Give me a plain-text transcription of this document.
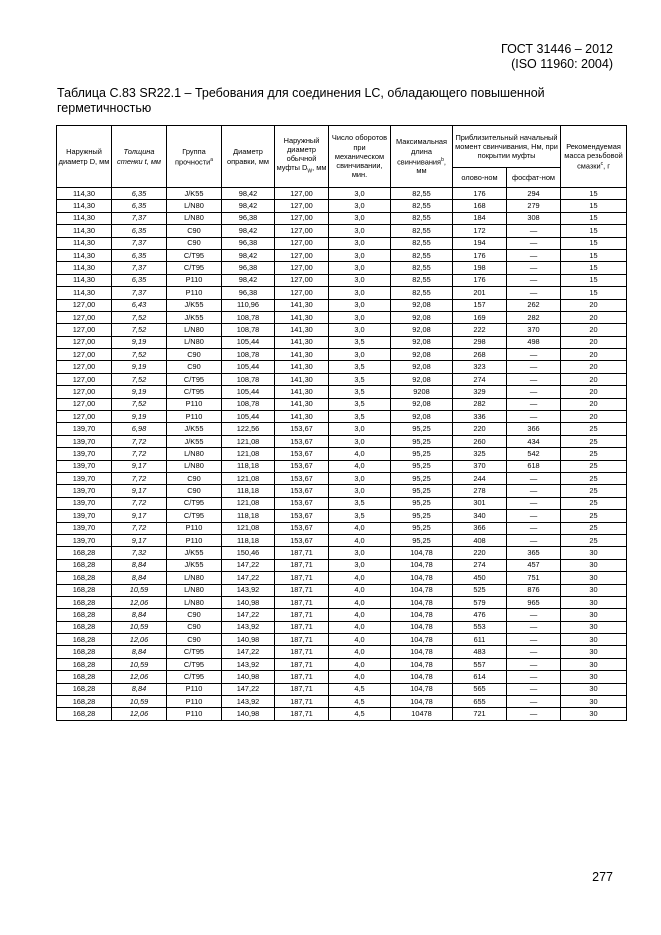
ГОСТ 31446 – 2012
(ISO 11960: 2004)
Таблица С.83 SR22.1 – Требования для соединения LC, обладающего повышенной герметичностью
Наружный диаметр D, мм	Толщина стенки t, мм	Группа прочности$^a$	Диаметр оправки, мм	Наружный диаметр обычной муфты $D_W$, мм	Число оборотов при механическом свинчивании, мин.	Максимальная длина свинчивания$^b$, мм	Приблизительный начальный момент свинчивания, Нм, при покрытии муфты		Рекомендуемая масса резьбовой смазки$^c$, г
							олово-ном	фосфат-ном	
114,30	6,35	J/K55	98,42	127,00	3,0	82,55	176	294	15
114,30	6,35	L/N80	98,42	127,00	3,0	82,55	168	279	15
114,30	7,37	L/N80	96,38	127,00	3,0	82,55	184	308	15
114,30	6,35	C90	98,42	127,00	3,0	82,55	172	—	15
114,30	7,37	C90	96,38	127,00	3,0	82,55	194	—	15
114,30	6,35	C/T95	98,42	127,00	3,0	82,55	176	—	15
114,30	7,37	C/T95	96,38	127,00	3,0	82,55	198	—	15
114,30	6,35	P110	98,42	127,00	3,0	82,55	176	—	15
114,30	7,37	P110	96,38	127,00	3,0	82,55	201	—	15
127,00	6,43	J/K55	110,96	141,30	3,0	92,08	157	262	20
127,00	7,52	J/K55	108,78	141,30	3,0	92,08	169	282	20
127,00	7,52	L/N80	108,78	141,30	3,0	92,08	222	370	20
127,00	9,19	L/N80	105,44	141,30	3,5	92,08	298	498	20
127,00	7,52	C90	108,78	141,30	3,0	92,08	268	—	20
127,00	9,19	C90	105,44	141,30	3,5	92,08	323	—	20
127,00	7,52	C/T95	108,78	141,30	3,5	92,08	274	—	20
127,00	9,19	C/T95	105,44	141,30	3,5	9208	329	—	20
127,00	7,52	P110	108,78	141,30	3,5	92,08	282	—	20
127,00	9,19	P110	105,44	141,30	3,5	92,08	336	—	20
139,70	6,98	J/K55	122,56	153,67	3,0	95,25	220	366	25
139,70	7,72	J/K55	121,08	153,67	3,0	95,25	260	434	25
139,70	7,72	L/N80	121,08	153,67	4,0	95,25	325	542	25
139,70	9,17	L/N80	118,18	153,67	4,0	95,25	370	618	25
139,70	7,72	C90	121,08	153,67	3,0	95,25	244	—	25
139,70	9,17	C90	118,18	153,67	3,0	95,25	278	—	25
139,70	7,72	C/T95	121,08	153,67	3,5	95,25	301	—	25
139,70	9,17	C/T95	118,18	153,67	3,5	95,25	340	—	25
139,70	7,72	P110	121,08	153,67	4,0	95,25	366	—	25
139,70	9,17	P110	118,18	153,67	4,0	95,25	408	—	25
168,28	7,32	J/K55	150,46	187,71	3,0	104,78	220	365	30
168,28	8,84	J/K55	147,22	187,71	3,0	104,78	274	457	30
168,28	8,84	L/N80	147,22	187,71	4,0	104,78	450	751	30
168,28	10,59	L/N80	143,92	187,71	4,0	104,78	525	876	30
168,28	12,06	L/N80	140,98	187,71	4,0	104,78	579	965	30
168,28	8,84	C90	147,22	187,71	4,0	104,78	476	—	30
168,28	10,59	C90	143,92	187,71	4,0	104,78	553	—	30
168,28	12,06	C90	140,98	187,71	4,0	104,78	611	—	30
168,28	8,84	C/T95	147,22	187,71	4,0	104,78	483	—	30
168,28	10,59	C/T95	143,92	187,71	4,0	104,78	557	—	30
168,28	12,06	C/T95	140,98	187,71	4,0	104,78	614	—	30
168,28	8,84	P110	147,22	187,71	4,5	104,78	565	—	30
168,28	10,59	P110	143,92	187,71	4,5	104,78	655	—	30
168,28	12,06	P110	140,98	187,71	4,5	10478	721	—	30
277
